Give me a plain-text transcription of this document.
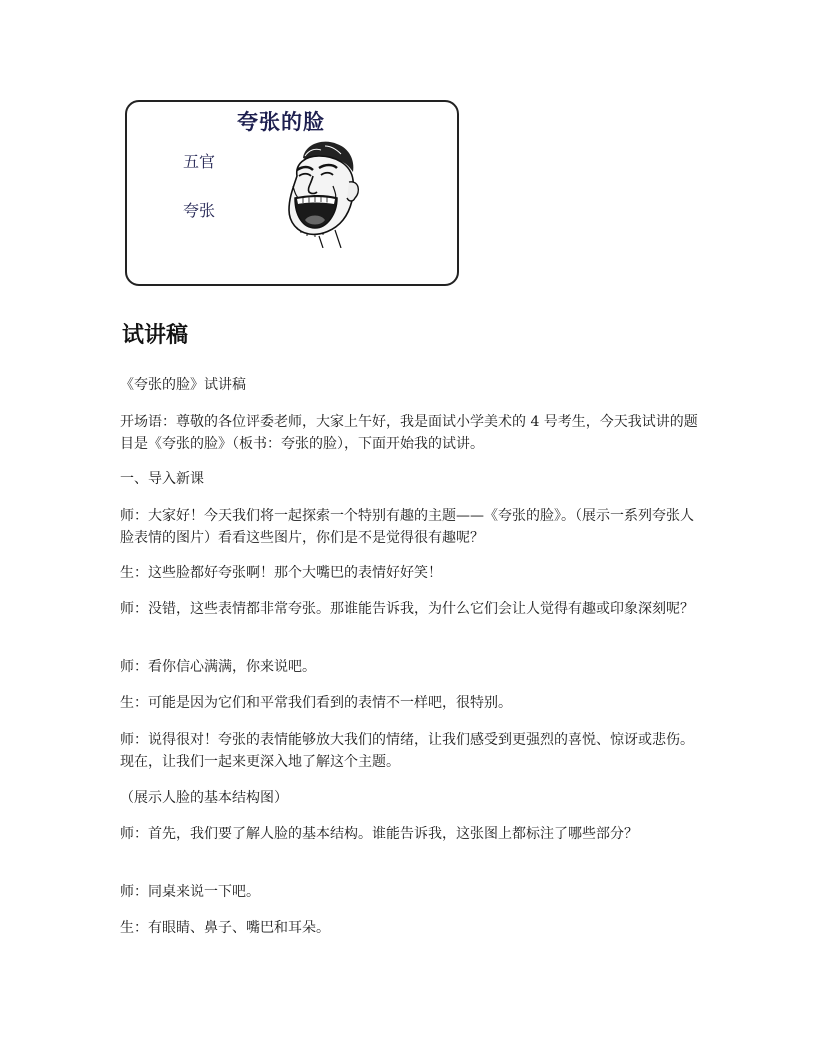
夸张的脸
五官
夸张
试讲稿

《夸张的脸》试讲稿

开场语：尊敬的各位评委老师，大家上午好，我是面试小学美术的 4 号考生，今天我试讲的题目是《夸张的脸》（板书：夸张的脸），下面开始我的试讲。

一、导入新课

师：大家好！今天我们将一起探索一个特别有趣的主题——《夸张的脸》。（展示一系列夸张人脸表情的图片）看看这些图片，你们是不是觉得很有趣呢？

生：这些脸都好夸张啊！那个大嘴巴的表情好好笑！

师：没错，这些表情都非常夸张。那谁能告诉我，为什么它们会让人觉得有趣或印象深刻呢？

师：看你信心满满，你来说吧。

生：可能是因为它们和平常我们看到的表情不一样吧，很特别。

师：说得很对！夸张的表情能够放大我们的情绪，让我们感受到更强烈的喜悦、惊讶或悲伤。现在，让我们一起来更深入地了解这个主题。

（展示人脸的基本结构图）

师：首先，我们要了解人脸的基本结构。谁能告诉我，这张图上都标注了哪些部分？

师：同桌来说一下吧。

生：有眼睛、鼻子、嘴巴和耳朵。
